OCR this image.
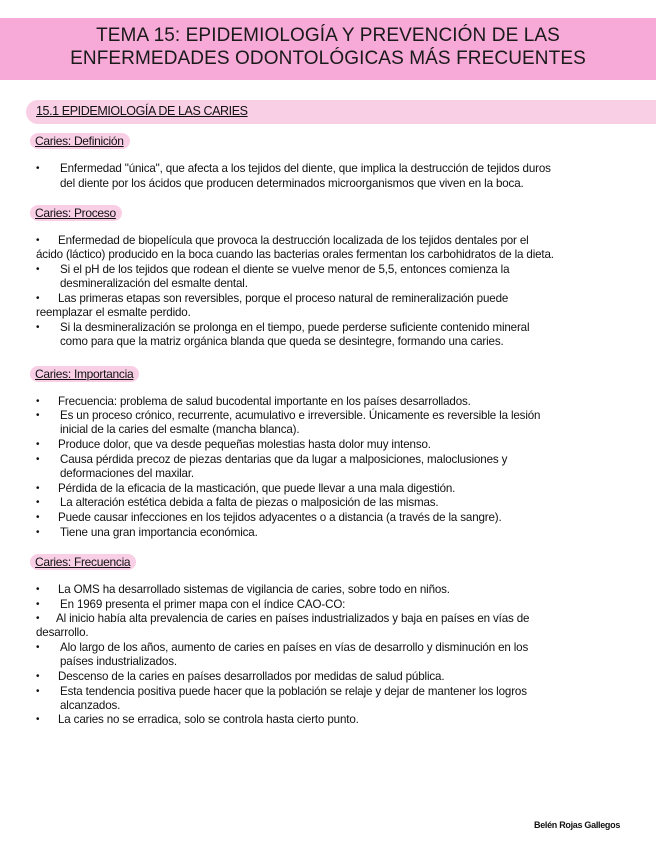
TEMA 15: EPIDEMIOLOGÍA Y PREVENCIÓN DE LAS
ENFERMEDADES ODONTOLÓGICAS MÁS FRECUENTES
15.1 EPIDEMIOLOGÍA DE LAS CARIES
Caries: Definición
• Enfermedad "única", que afecta a los tejidos del diente, que implica la destrucción de tejidos duros
del diente por los ácidos que producen determinados microorganismos que viven en la boca.
Caries: Proceso
• Enfermedad de biopelícula que provoca la destrucción localizada de los tejidos dentales por el
ácido (láctico) producido en la boca cuando las bacterias orales fermentan los carbohidratos de la dieta.
• Si el pH de los tejidos que rodean el diente se vuelve menor de 5,5, entonces comienza la
desmineralización del esmalte dental.
• Las primeras etapas son reversibles, porque el proceso natural de remineralización puede
reemplazar el esmalte perdido.
• Si la desmineralización se prolonga en el tiempo, puede perderse suficiente contenido mineral
como para que la matriz orgánica blanda que queda se desintegre, formando una caries.
Caries: Importancia
• Frecuencia: problema de salud bucodental importante en los países desarrollados.
• Es un proceso crónico, recurrente, acumulativo e irreversible. Únicamente es reversible la lesión
inicial de la caries del esmalte (mancha blanca).
• Produce dolor, que va desde pequeñas molestias hasta dolor muy intenso.
• Causa pérdida precoz de piezas dentarias que da lugar a malposiciones, maloclusiones y
deformaciones del maxilar.
• Pérdida de la eficacia de la masticación, que puede llevar a una mala digestión.
• La alteración estética debida a falta de piezas o malposición de las mismas.
• Puede causar infecciones en los tejidos adyacentes o a distancia (a través de la sangre).
• Tiene una gran importancia económica.
Caries: Frecuencia
• La OMS ha desarrollado sistemas de vigilancia de caries, sobre todo en niños.
• En 1969 presenta el primer mapa con el índice CAO-CO:
• Al inicio había alta prevalencia de caries en países industrializados y baja en países en vías de
desarrollo.
• Alo largo de los años, aumento de caries en países en vías de desarrollo y disminución en los
países industrializados.
• Descenso de la caries en países desarrollados por medidas de salud pública.
• Esta tendencia positiva puede hacer que la población se relaje y dejar de mantener los logros
alcanzados.
• La caries no se erradica, solo se controla hasta cierto punto.
Belén Rojas Gallegos
